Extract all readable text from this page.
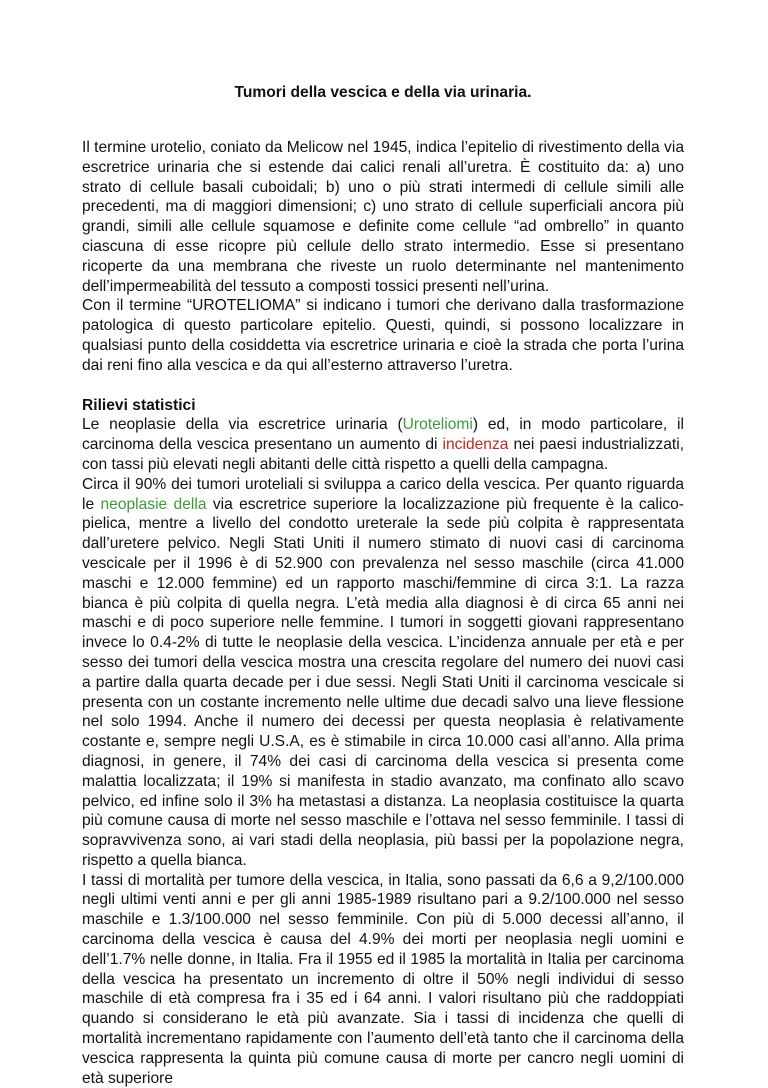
Tumori della vescica e della via urinaria.

Il termine urotelio, coniato da Melicow nel 1945, indica l’epitelio di rivestimento della via escretrice urinaria che si estende dai calici renali all’uretra. È costituito da: a) uno strato di cellule basali cuboidali; b) uno o più strati intermedi di cellule simili alle precedenti, ma di maggiori dimensioni; c) uno strato di cellule superficiali ancora più grandi, simili alle cellule squamose e definite come cellule “ad ombrello” in quanto ciascuna di esse ricopre più cellule dello strato intermedio. Esse si presentano ricoperte da una membrana che riveste un ruolo determinante nel mantenimento dell’impermeabilità del tessuto a composti tossici presenti nell’urina.

Con il termine “UROTELIOMA” si indicano i tumori che derivano dalla trasformazione patologica di questo particolare epitelio. Questi, quindi, si possono localizzare in qualsiasi punto della cosiddetta via escretrice urinaria e cioè la strada che porta l’urina dai reni fino alla vescica e da qui all’esterno attraverso l’uretra.

Rilievi statistici

Le neoplasie della via escretrice urinaria (Uroteliomi) ed, in modo particolare, il carcinoma della vescica presentano un aumento di incidenza nei paesi industrializzati, con tassi più elevati negli abitanti delle città rispetto a quelli della campagna.

Circa il 90% dei tumori uroteliali si sviluppa a carico della vescica. Per quanto riguarda le neoplasie della via escretrice superiore la localizzazione più frequente è la calico-pielica, mentre a livello del condotto ureterale la sede più colpita è rappresentata dall’uretere pelvico. Negli Stati Uniti il numero stimato di nuovi casi di carcinoma vescicale per il 1996 è di 52.900 con prevalenza nel sesso maschile (circa 41.000 maschi e 12.000 femmine) ed un rapporto maschi/femmine di circa 3:1. La razza bianca è più colpita di quella negra. L’età media alla diagnosi è di circa 65 anni nei maschi e di poco superiore nelle femmine. I tumori in soggetti giovani rappresentano invece lo 0.4-2% di tutte le neoplasie della vescica. L’incidenza annuale per età e per sesso dei tumori della vescica mostra una crescita regolare del numero dei nuovi casi a partire dalla quarta decade per i due sessi. Negli Stati Uniti il carcinoma vescicale si presenta con un costante incremento nelle ultime due decadi salvo una lieve flessione nel solo 1994. Anche il numero dei decessi per questa neoplasia è relativamente costante e, sempre negli U.S.A, es è stimabile in circa 10.000 casi all’anno. Alla prima diagnosi, in genere, il 74% dei casi di carcinoma della vescica si presenta come malattia localizzata; il 19% si manifesta in stadio avanzato, ma confinato allo scavo pelvico, ed infine solo il 3% ha metastasi a distanza. La neoplasia costituisce la quarta più comune causa di morte nel sesso maschile e l’ottava nel sesso femminile. I tassi di sopravvivenza sono, ai vari stadi della neoplasia, più bassi per la popolazione negra, rispetto a quella bianca.

I tassi di mortalità per tumore della vescica, in Italia, sono passati da 6,6 a 9,2/100.000 negli ultimi venti anni e per gli anni 1985-1989 risultano pari a 9.2/100.000 nel sesso maschile e 1.3/100.000 nel sesso femminile. Con più di 5.000 decessi all’anno, il carcinoma della vescica è causa del 4.9% dei morti per neoplasia negli uomini e dell’1.7% nelle donne, in Italia. Fra il 1955 ed il 1985 la mortalità in Italia per carcinoma della vescica ha presentato un incremento di oltre il 50% negli individui di sesso maschile di età compresa fra i 35 ed i 64 anni. I valori risultano più che raddoppiati quando si considerano le età più avanzate. Sia i tassi di incidenza che quelli di mortalità incrementano rapidamente con l’aumento dell’età tanto che il carcinoma della vescica rappresenta la quinta più comune causa di morte per cancro negli uomini di età superiore
